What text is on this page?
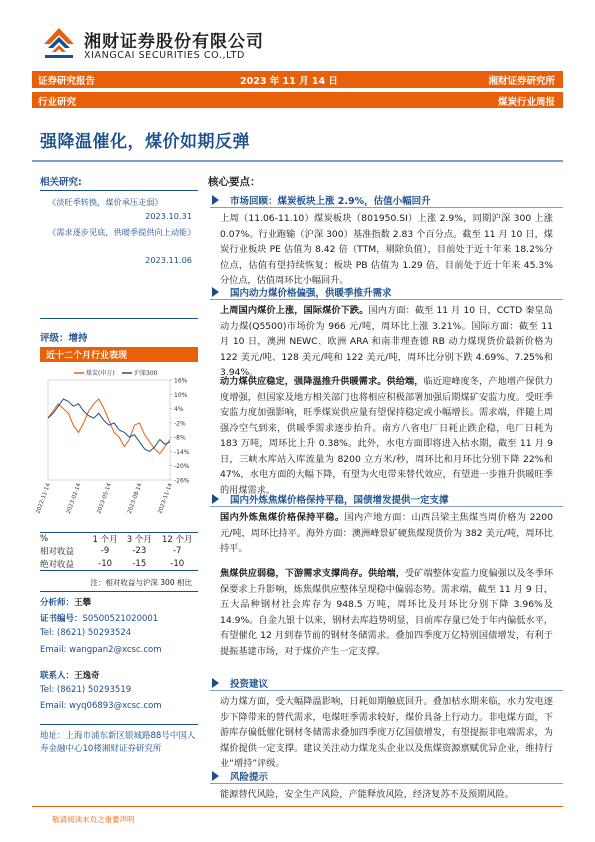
湘财证券股份有限公司
XIANGCAI SECURITIES CO.,LTD
证券研究报告	2023 年 11 月 14 日	湘财证券研究所
行业研究	煤炭行业周报
强降温催化，煤价如期反弹
相关研究:
《淡旺季转换，煤价承压走弱》
2023.10.31
《需求逐步见底，供暖季提供向上动能》
2023.11.06
评级：增持
近十二个月行业表现
16%
10%
4%
-2%
-8%
-14%
-20%
-26%
2022-11-14	2023-02-14	2023-05-14	2023-08-14	2023-11-14
煤炭(申万)	沪深300
%	1 个月	3 个月	12 个月
相对收益	-9	-23	-7
绝对收益	-10	-15	-10
注：相对收益与沪深 300 相比
分析师：王攀
证书编号：S0500521020001
Tel: (8621) 50293524
Email: wangpan2@xcsc.com
联系人：王逸奇
Tel: (8621) 50293519
Email: wyq06893@xcsc.com
地址：上海市浦东新区银城路88号中国人寿金融中心10楼湘财证券研究所
核心要点：
市场回顾：煤炭板块上涨 2.9%，估值小幅回升
上周（11.06-11.10）煤炭板块（801950.SI）上涨 2.9%，同期沪深 300 上涨 0.07%。行业跑输（沪深 300）基准指数 2.83 个百分点。截至 11 月 10 日，煤炭行业板块 PE 估值为 8.42 倍（TTM，剔除负值），目前处于近十年来 18.2%分位点，估值有望持续恢复；板块 PB 估值为 1.29 倍，目前处于近十年来 45.3%分位点，估值周环比小幅回升。
国内动力煤价格偏强，供暖季推升需求
上周国内煤价上涨，国际煤价下跌。国内方面：截至 11 月 10 日，CCTD 秦皇岛动力煤(Q5500)市场价为 966 元/吨，周环比上涨 3.21%。国际方面：截至 11 月 10 日，澳洲 NEWC、欧洲 ARA 和南非理查德 RB 动力煤现货价最新价格为 122 美元/吨、128 美元/吨和 122 美元/吨，周环比分别下跌 4.69%、7.25%和 3.94%。
动力煤供应稳定，强降温推升供暖需求。供给端，临近迎峰度冬，产地增产保供力度增强，但国家及地方相关部门也将相应积极部署加强后期煤矿安监力度。受旺季安监力度加强影响，旺季煤炭供应量有望保持稳定或小幅增长。需求端，伴随上周强冷空气到来，供暖季需求逐步抬升。南方八省电厂日耗止跌企稳，电厂日耗为 183 万吨，周环比上升 0.38%。此外，水电方面即将进入枯水期，截至 11 月 9 日，三峡水库站入库流量为 8200 立方米/秒，周环比和月环比分别下降 22%和 47%，水电方面的大幅下降，有望为火电带来替代效应，有望进一步推升供暖旺季的用煤需求。
国内外炼焦煤价格保持平稳，国债增发提供一定支撑
国内外炼焦煤价格保持平稳。国内产地方面：山西吕梁主焦煤当周价格为 2200 元/吨，周环比持平。海外方面：澳洲峰景矿硬焦煤现货价为 382 美元/吨，周环比持平。
焦煤供应弱稳，下游需求支撑尚存。供给端，受矿端整体安监力度偏强以及冬季环保要求上升影响，炼焦煤供应整体呈现稳中偏弱态势。需求端，截至 11 月 9 日，五大品种钢材社会库存为 948.5 万吨，周环比及月环比分别下降 3.96%及 14.9%。自金九银十以来，钢材去库趋势明显，目前库存量已处于年内偏低水平，有望催化 12 月到春节前的钢材冬储需求。叠加四季度万亿特别国债增发，有利于提振基建市场，对于煤价产生一定支撑。
投资建议
动力煤方面，受大幅降温影响，日耗如期触底回升。叠加枯水期来临，水力发电逐步下降带来的替代需求，电煤旺季需求较好，煤价具备上行动力。非电煤方面，下游库存偏低催化钢材冬储需求叠加四季度万亿国债增发，有望提振非电端需求，为煤价提供一定支撑。建议关注动力煤龙头企业以及焦煤资源禀赋优异企业，维持行业“增持”评级。
风险提示
能源替代风险，安全生产风险，产能释放风险，经济复苏不及预期风险。
敬请阅读末页之重要声明
